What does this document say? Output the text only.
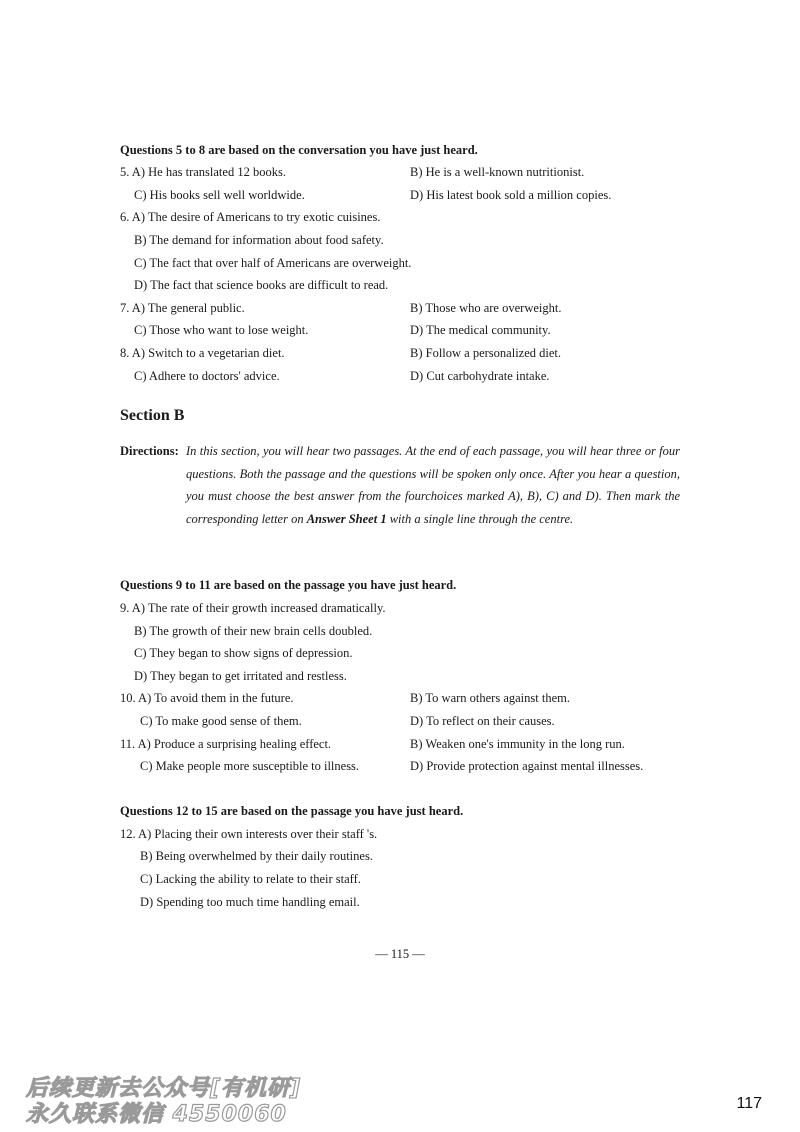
Questions 5 to 8 are based on the conversation you have just heard.
5. A) He has translated 12 books.	B) He is a well-known nutritionist.
C) His books sell well worldwide.	D) His latest book sold a million copies.
6. A) The desire of Americans to try exotic cuisines.
B) The demand for information about food safety.
C) The fact that over half of Americans are overweight.
D) The fact that science books are difficult to read.
7. A) The general public.	B) Those who are overweight.
C) Those who want to lose weight.	D) The medical community.
8. A) Switch to a vegetarian diet.	B) Follow a personalized diet.
C) Adhere to doctors' advice.	D) Cut carbohydrate intake.
Section B
Directions: In this section, you will hear two passages. At the end of each passage, you will hear three or four questions. Both the passage and the questions will be spoken only once. After you hear a question, you must choose the best answer from the fourchoices marked A), B), C) and D). Then mark the corresponding letter on Answer Sheet 1 with a single line through the centre.
Questions 9 to 11 are based on the passage you have just heard.
9. A) The rate of their growth increased dramatically.
B) The growth of their new brain cells doubled.
C) They began to show signs of depression.
D) They began to get irritated and restless.
10. A) To avoid them in the future.	B) To warn others against them.
C) To make good sense of them.	D) To reflect on their causes.
11. A) Produce a surprising healing effect.	B) Weaken one's immunity in the long run.
C) Make people more susceptible to illness.	D) Provide protection against mental illnesses.
Questions 12 to 15 are based on the passage you have just heard.
12. A) Placing their own interests over their staff 's.
B) Being overwhelmed by their daily routines.
C) Lacking the ability to relate to their staff.
D) Spending too much time handling email.
— 115 —
后续更新去公众号[有机研]
永久联系微信 4550060	117
